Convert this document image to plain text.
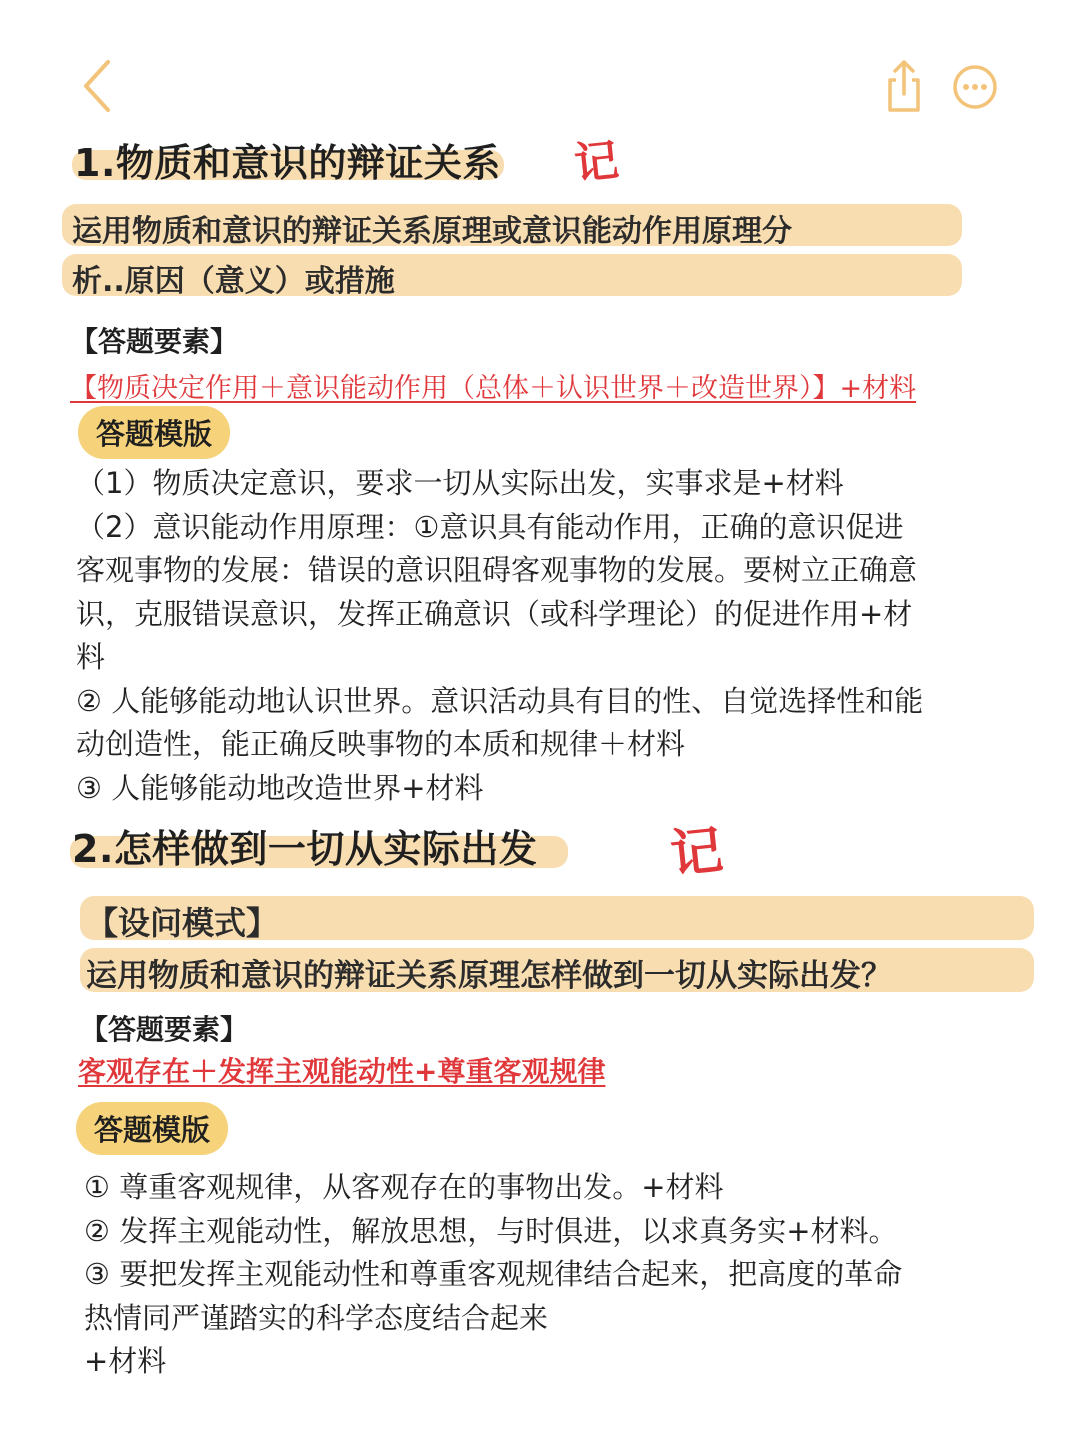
1.物质和意识的辩证关系 记
运用物质和意识的辩证关系原理或意识能动作用原理分
析..原因（意义）或措施
【答题要素】
【物质决定作用＋意识能动作用（总体＋认识世界＋改造世界）】+材料
答题模版
（1）物质决定意识，要求一切从实际出发，实事求是+材料
（2）意识能动作用原理：①意识具有能动作用，正确的意识促进
客观事物的发展：错误的意识阻碍客观事物的发展。要树立正确意
识，克服错误意识，发挥正确意识（或科学理论）的促进作用+材
料
② 人能够能动地认识世界。意识活动具有目的性、自觉选择性和能
动创造性，能正确反映事物的本质和规律＋材料
③ 人能够能动地改造世界+材料
2.怎样做到一切从实际出发	记
【设问模式】
运用物质和意识的辩证关系原理怎样做到一切从实际出发？
【答题要素】
客观存在＋发挥主观能动性+尊重客观规律
答题模版
① 尊重客观规律，从客观存在的事物出发。+材料
② 发挥主观能动性，解放思想，与时俱进，以求真务实+材料。
③ 要把发挥主观能动性和尊重客观规律结合起来，把高度的革命
热情同严谨踏实的科学态度结合起来
+材料
